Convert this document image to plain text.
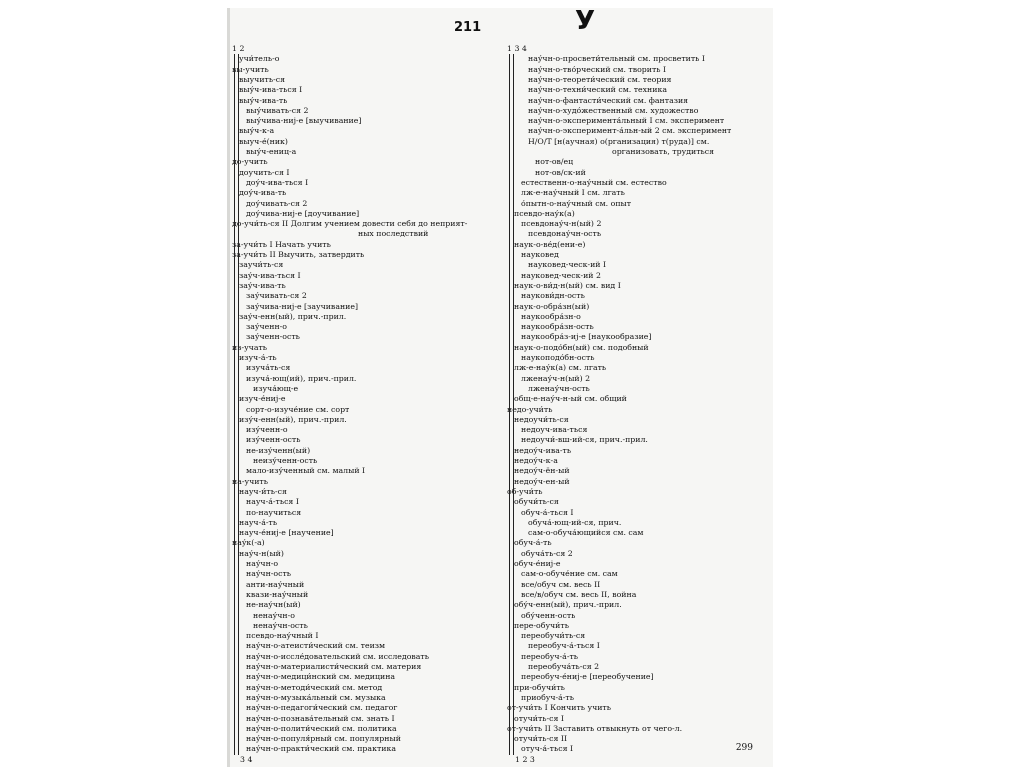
211	У
1 2
учи́тель-о
вы-учить
выучить-ся
выу́ч-ива-ться I
выу́ч-ива-ть
выу́чивать-ся 2
выу́чива-ниј-е [выучивание]
выу́ч-к-а
выуч-е́(ник)
выу́ч-ениц-а
до-учить
доучить-ся I
доу́ч-ива-ться I
доу́ч-ива-ть
доу́чивать-ся 2
доу́чива-ниј-е [доучивание]
до-учи́ть-ся II Долгим учением довести себя до неприят-
ных последствий
за-учи́ть I Начать учить
за-учи́ть II Выучить, затвердить
заучи́ть-ся
зау́ч-ива-ться I
зау́ч-ива-ть
зау́чивать-ся 2
зау́чива-ниј-е [заучивание]
зау́ч-енн(ый), прич.-прил.
зау́ченн-о
зау́ченн-ость
из-учать
изуч-а́-ть
изуча́ть-ся
изуча́-ющ(ий), прич.-прил.
изуча́ющ-е
изуч-е́ниј-е
сорт-о-изуче́ние см. сорт
изу́ч-енн(ый), прич.-прил.
изу́ченн-о
изу́ченн-ость
не-изу́ченн(ый)
неизу́ченн-ость
мало-изу́ченный см. малый I
на-учить
науч-и́ть-ся
науч-а́-ться I
по-научиться
науч-а́-ть
науч-е́ниј-е [научение]
нау́к(-а)
нау́ч-н(ый)
нау́чн-о
нау́чн-ость
анти-нау́чный
квази-нау́чный
не-нау́чн(ый)
ненау́чн-о
ненау́чн-ость
псевдо-нау́чный I
нау́чн-о-атеисти́ческий см. теизм
нау́чн-о-иссле́довательский см. исследовать
нау́чн-о-материалисти́ческий см. материя
нау́чн-о-медици́нский см. медицина
нау́чн-о-методи́ческий см. метод
нау́чн-о-музыка́льный см. музыка
нау́чн-о-педагоги́ческий см. педагог
нау́чн-о-познава́тельный см. знать I
нау́чн-о-полити́ческий см. политика
нау́чн-о-популя́рный см. популярный
нау́чн-о-практи́ческий см. практика
3 4
1 3 4
нау́чн-о-просвети́тельный см. просветить I
нау́чн-о-тво́рческий см. творить I
нау́чн-о-теорети́ческий см. теория
нау́чн-о-техни́ческий см. техника
нау́чн-о-фантасти́ческий см. фантазия
нау́чн-о-худо́жественный см. художество
нау́чн-о-эксперимента́льный I см. эксперимент
нау́чн-о-эксперимент-а́льн-ый 2 см. эксперимент
Н/О/Т [н(аучная) о(рганизация) т(руда)] см.
организовать, трудиться
нот-ов/ец
нот-ов/ск-ий
естественн-о-нау́чный см. естество
лж-е-нау́чный I см. лгать
о́пытн-о-нау́чный см. опыт
псевдо-нау́к(а)
псевдонау́ч-н(ый) 2
псевдонау́чн-ость
наук-о-ве́д(ени-е)
науковед
науковед-ческ-ий I
науковед-ческ-ий 2
наук-о-ви́д-н(ый) см. вид I
наукови́дн-ость
наук-о-обра́зн(ый)
наукообра́зн-о
наукообра́зн-ость
наукообра́з-иј-е [наукообразие]
наук-о-подо́бн(ый) см. подобный
наукоподо́бн-ость
лж-е-нау́к(а) см. лгать
лженау́ч-н(ый) 2
лженау́чн-ость
общ-е-нау́ч-н-ый см. общий
недо-учи́ть
недоучи́ть-ся
недоуч-ива-ться
недоучи́-вш-ий-ся, прич.-прил.
недоу́ч-ива-ть
недоу́ч-к-а
недоу́ч-ён-ый
недоу́ч-ен-ый
об-учи́ть
обучи́ть-ся
обуч-а́-ться I
обуча́-ющ-ий-ся, прич.
сам-о-обуча́ющийся см. сам
обуч-а́-ть
обуча́ть-ся 2
обуч-е́ниј-е
сам-о-обуче́ние см. сам
все/обуч см. весь II
все/в/обуч см. весь II, война
обу́ч-енн(ый), прич.-прил.
обу́ченн-ость
пере-обучи́ть
переобучи́ть-ся
переобуч-а́-ться I
переобуч-а́-ть
переобуча́ть-ся 2
переобуч-е́ниј-е [переобучение]
при-обучи́ть
приобуч-а́-ть
от-учи́ть I Кончить учить
отучи́ть-ся I
от-учи́ть II Заставить отвыкнуть от чего-л.
отучи́ть-ся II
отуч-а́-ться I
1 2 3
299
